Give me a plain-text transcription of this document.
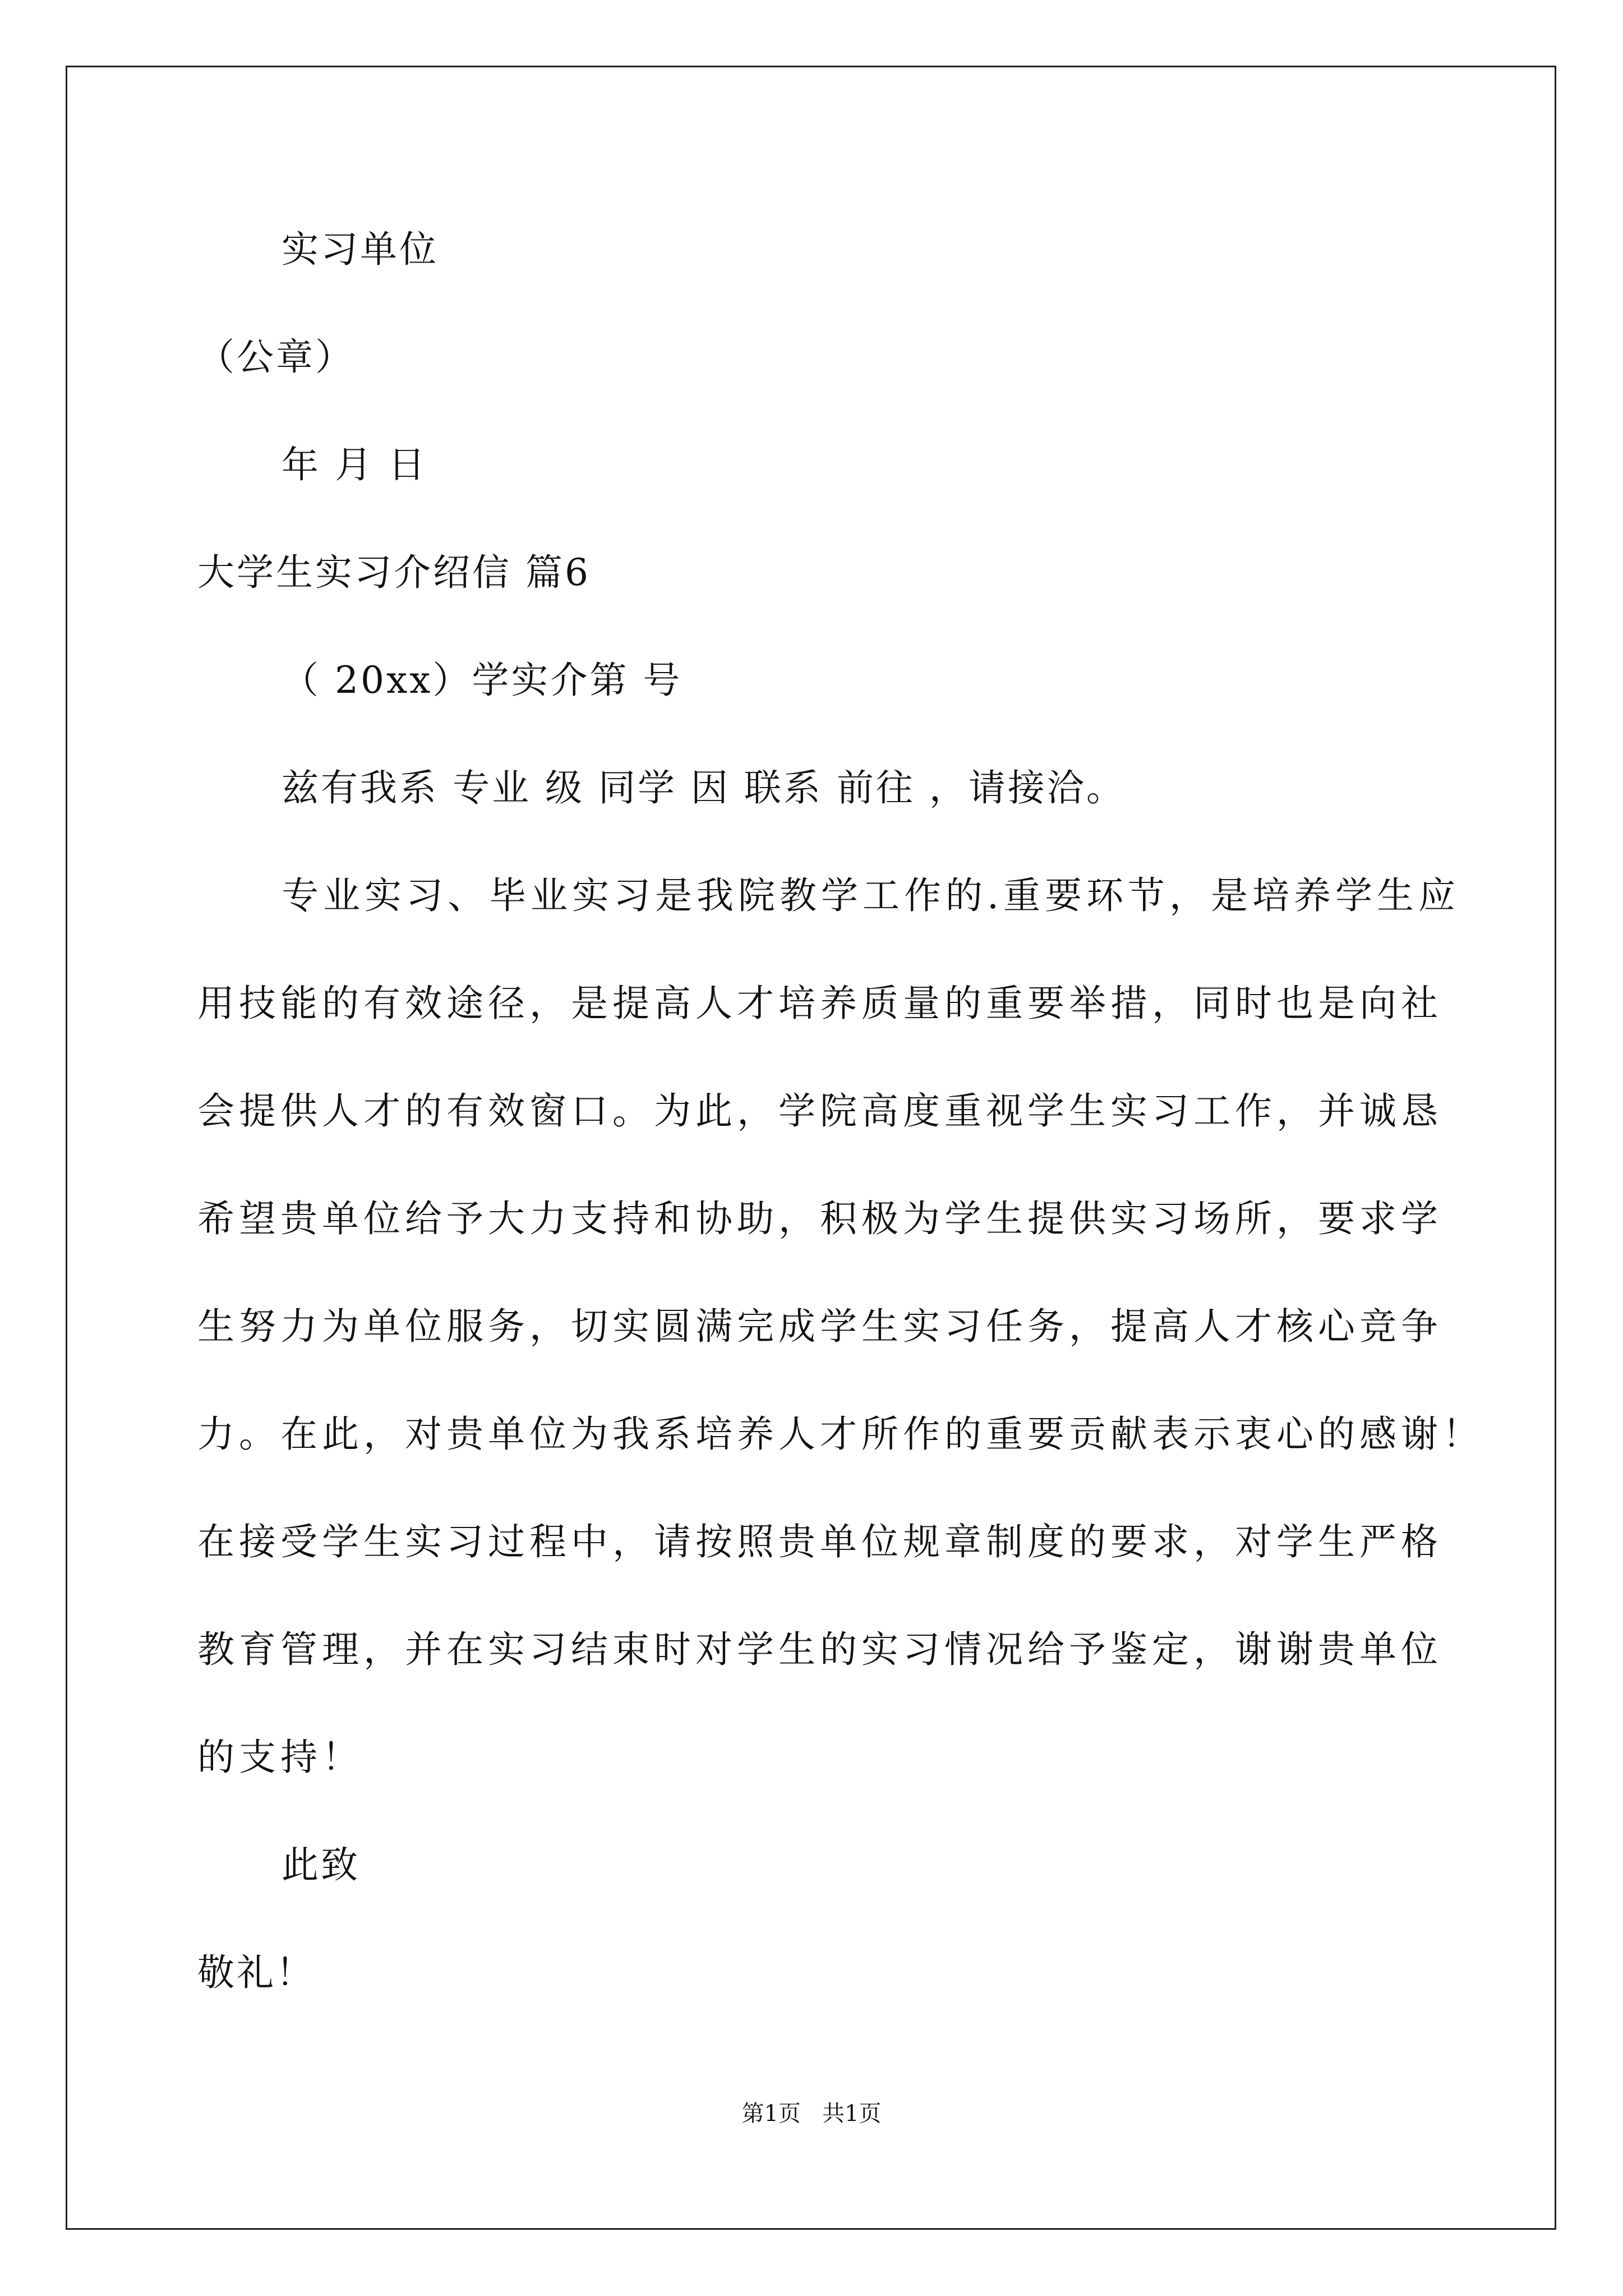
实习单位
（公章）
年 月 日
大学生实习介绍信 篇6
（ 20xx）学实介第 号
兹有我系 专业 级 同学 因 联系 前往 ，请接洽。
专业实习、毕业实习是我院教学工作的.重要环节，是培养学生应
用技能的有效途径，是提高人才培养质量的重要举措，同时也是向社
会提供人才的有效窗口。为此，学院高度重视学生实习工作，并诚恳
希望贵单位给予大力支持和协助，积极为学生提供实习场所，要求学
生努力为单位服务，切实圆满完成学生实习任务，提高人才核心竞争
力。在此，对贵单位为我系培养人才所作的重要贡献表示衷心的感谢！
在接受学生实习过程中，请按照贵单位规章制度的要求，对学生严格
教育管理，并在实习结束时对学生的实习情况给予鉴定，谢谢贵单位
的支持！
此致
敬礼！
第1页   共1页
